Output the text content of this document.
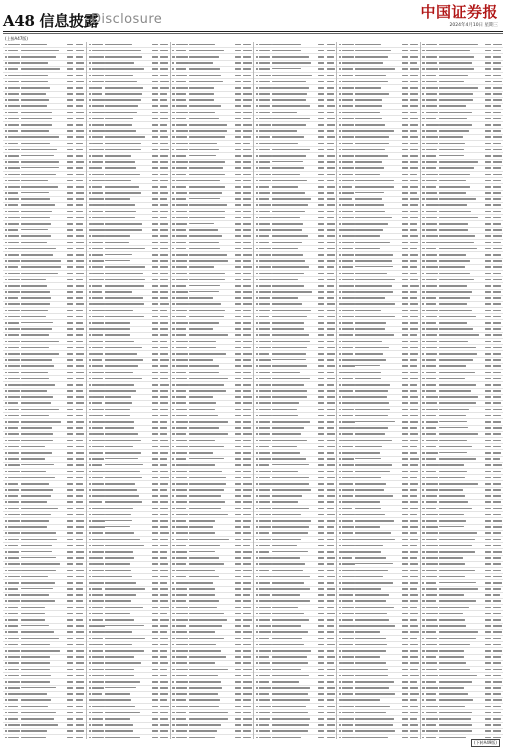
A48 信息披露
Disclosure	中国证券报
2024年4月10日 星期三
(上接A47版)
(下转A49版)
